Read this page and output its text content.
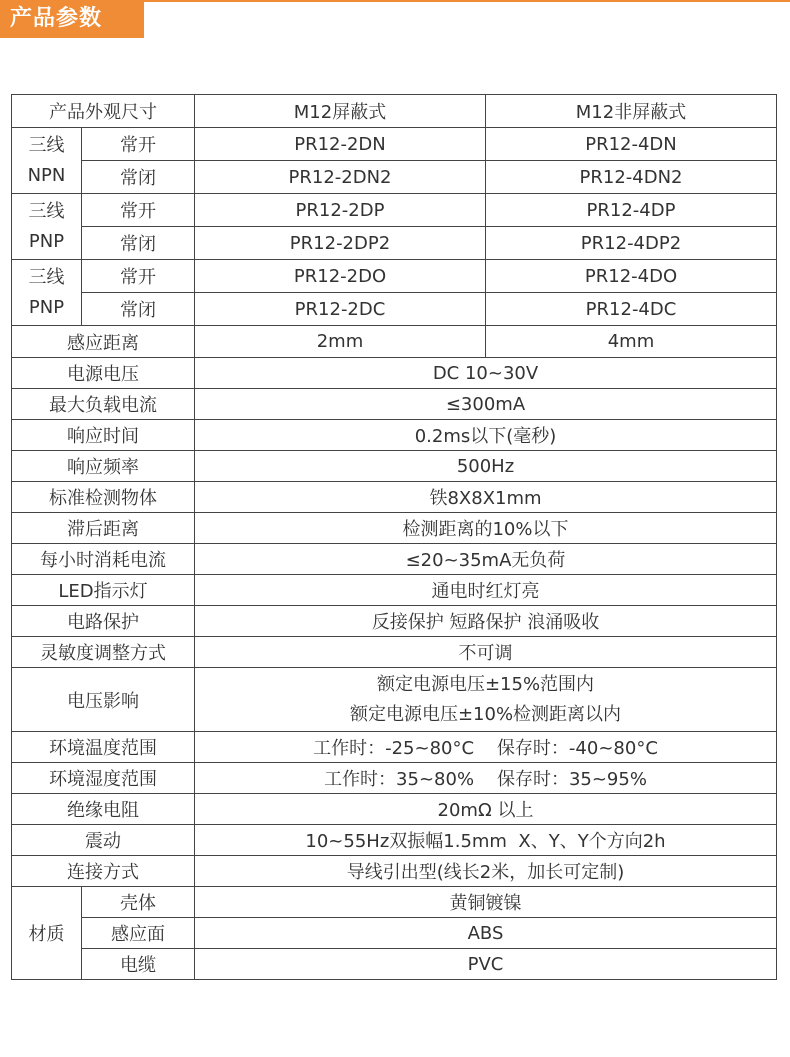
产品参数
产品外观尺寸		M12屏蔽式	M12非屏蔽式

三线
NPN	常开	PR12-2DN	PR12-4DN
	常闭	PR12-2DN2	PR12-4DN2

三线
PNP	常开	PR12-2DP	PR12-4DP
	常闭	PR12-2DP2	PR12-4DP2

三线
PNP	常开	PR12-2DO	PR12-4DO
	常闭	PR12-2DC	PR12-4DC
感应距离		2mm	4mm
电源电压		DC 10~30V	
最大负载电流		≤300mA	
响应时间		0.2ms以下(毫秒)	
响应频率		500Hz	
标准检测物体		铁8X8X1mm	
滞后距离		检测距离的10%以下	
每小时消耗电流		≤20~35mA无负荷	
LED指示灯		通电时红灯亮	
电路保护		反接保护 短路保护 浪涌吸收	
灵敏度调整方式		不可调	
电压影响		额定电源电压±15%范围内
额定电源电压±10%检测距离以内	

环境温度范围		工作时：-25~80°C    保存时：-40~80°C	
环境湿度范围		工作时：35~80%    保存时：35~95%	
绝缘电阻		20mΩ 以上	
震动		10~55Hz双振幅1.5mm  X、Y、Y个方向2h	
连接方式		导线引出型(线长2米，加长可定制)	
材质	壳体	黄铜镀镍	
	感应面	ABS	
	电缆	PVC	
